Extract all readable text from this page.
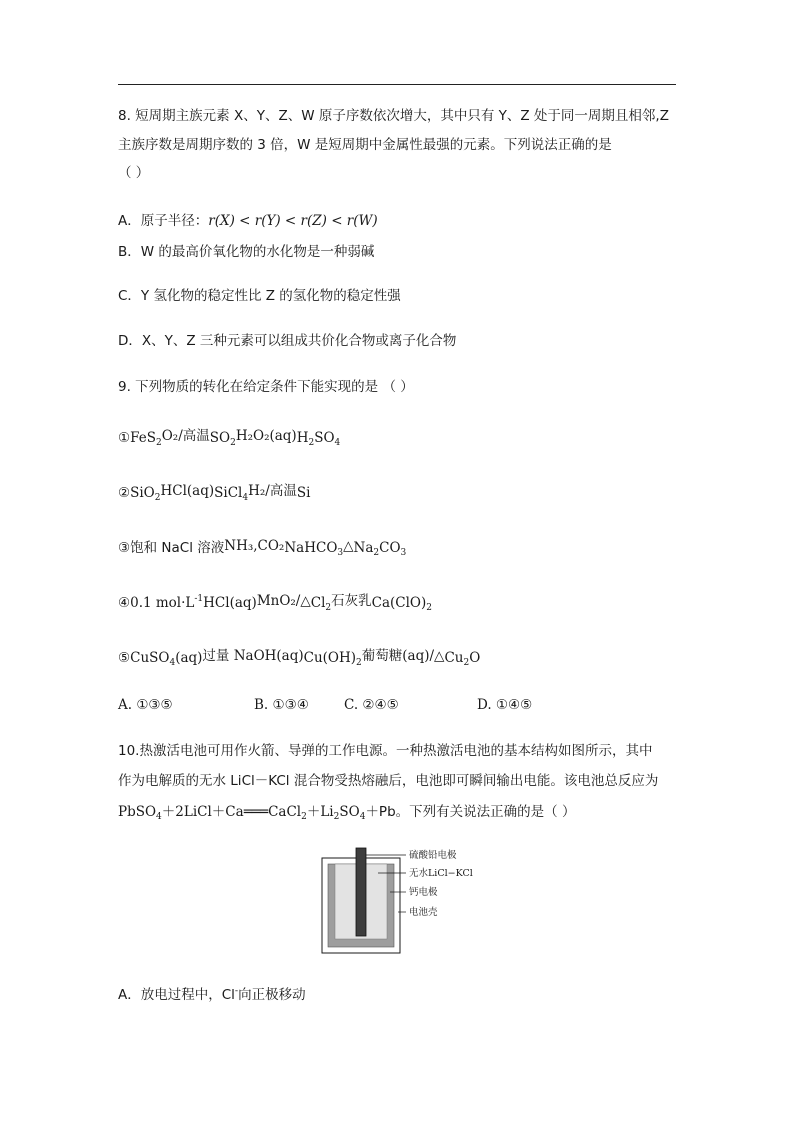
8. 短周期主族元素 X、Y、Z、W 原子序数依次增大，其中只有 Y、Z 处于同一周期且相邻,Z
主族序数是周期序数的 3 倍，W 是短周期中金属性最强的元素。下列说法正确的是
（ ）
A．原子半径：r(X) < r(Y) < r(Z) < r(W)
B．W 的最高价氧化物的水化物是一种弱碱
C．Y 氢化物的稳定性比 Z 的氢化物的稳定性强
D．X、Y、Z 三种元素可以组成共价化合物或离子化合物
9. 下列物质的转化在给定条件下能实现的是 （ ）
①FeS$_2$ O₂/高温 $SO_2$ H₂O₂(aq) $H_2SO_4$
②SiO$_2$ HCl(aq) SiCl$_4$ H₂/高温 Si
③饱和 NaCl 溶液 NH₃,CO₂ NaHCO$_3$ △ $Na_2CO_3$
④0.1 $mol\cdot L^{-1}HCl(aq)$ MnO₂/△ $Cl_2$ 石灰乳 $Ca(ClO)_2$
⑤CuSO$_4$(aq) 过量 NaOH(aq) $Cu(OH)_2$ 葡萄糖(aq)/△ $Cu_2O$
A. ①③⑤	B. ①③④	C. ②④⑤	D. ①④⑤
10.热激活电池可用作火箭、导弹的工作电源。一种热激活电池的基本结构如图所示，其中
作为电解质的无水 LiCl－KCl 混合物受热熔融后，电池即可瞬间输出电能。该电池总反应为
$PbSO_4+2LiCl+Ca═══CaCl_2+Li_2SO_4+Pb$。下列有关说法正确的是（ ）
硫酸铅电极
无水LiCl−KCl
钙电极
电池壳
A．放电过程中，Cl-向正极移动
